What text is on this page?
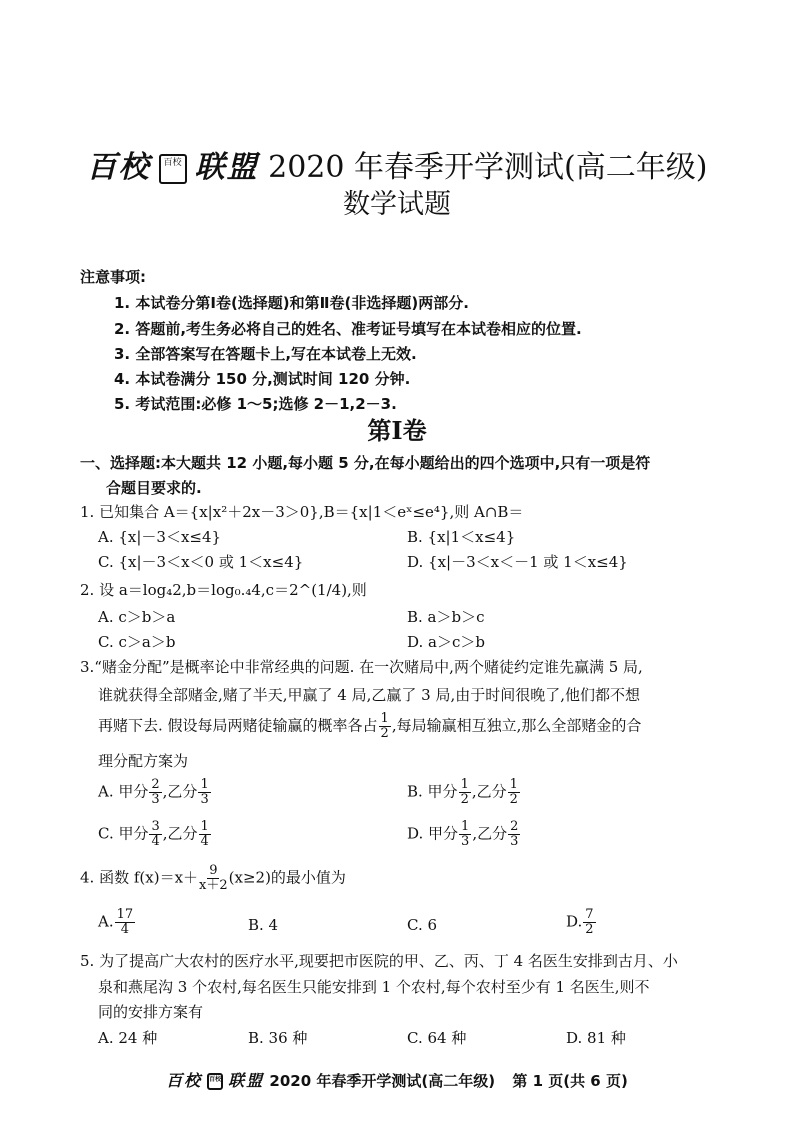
百校 百校 联盟 2020 年春季开学测试(高二年级)
数学试题
注意事项:
1. 本试卷分第Ⅰ卷(选择题)和第Ⅱ卷(非选择题)两部分.
2. 答题前,考生务必将自己的姓名、准考证号填写在本试卷相应的位置.
3. 全部答案写在答题卡上,写在本试卷上无效.
4. 本试卷满分 150 分,测试时间 120 分钟.
5. 考试范围:必修 1～5;选修 2－1,2－3.
第Ⅰ卷
一、选择题:本大题共 12 小题,每小题 5 分,在每小题给出的四个选项中,只有一项是符
合题目要求的.
1. 已知集合 A＝{x|x²＋2x－3＞0},B＝{x|1＜eˣ≤e⁴},则 A∩B＝
A. {x|－3＜x≤4}	B. {x|1＜x≤4}
C. {x|－3＜x＜0 或 1＜x≤4}	D. {x|－3＜x＜－1 或 1＜x≤4}
2. 设 a＝log₄2,b＝log₀.₄4,c＝2^(1/4),则
A. c＞b＞a	B. a＞b＞c
C. c＞a＞b	D. a＞c＞b
3.“赌金分配”是概率论中非常经典的问题. 在一次赌局中,两个赌徒约定谁先赢满 5 局,
谁就获得全部赌金,赌了半天,甲赢了 4 局,乙赢了 3 局,由于时间很晚了,他们都不想
再赌下去. 假设每局两赌徒输赢的概率各占 $\frac{1}{2}$ ,每局输赢相互独立,那么全部赌金的合
理分配方案为
A. 甲分 $\frac{2}{3}$ ,乙分 $\frac{1}{3}$	B. 甲分 $\frac{1}{2}$ ,乙分 $\frac{1}{2}$
C. 甲分 $\frac{3}{4}$ ,乙分 $\frac{1}{4}$	D. 甲分 $\frac{1}{3}$ ,乙分 $\frac{2}{3}$
4. 函数 $f(x)=x+ \frac{9}{x+2} (x\ge 2)$的最小值为
A. $\frac{17}{4}$	B. 4	C. 6	D. $\frac{7}{2}$
5. 为了提高广大农村的医疗水平,现要把市医院的甲、乙、丙、丁 4 名医生安排到古月、小
泉和燕尾沟 3 个农村,每名医生只能安排到 1 个农村,每个农村至少有 1 名医生,则不
同的安排方案有
A. 24 种	B. 36 种	C. 64 种	D. 81 种
百校 百校 联盟 2020 年春季开学测试(高二年级) 第 1 页(共 6 页)
